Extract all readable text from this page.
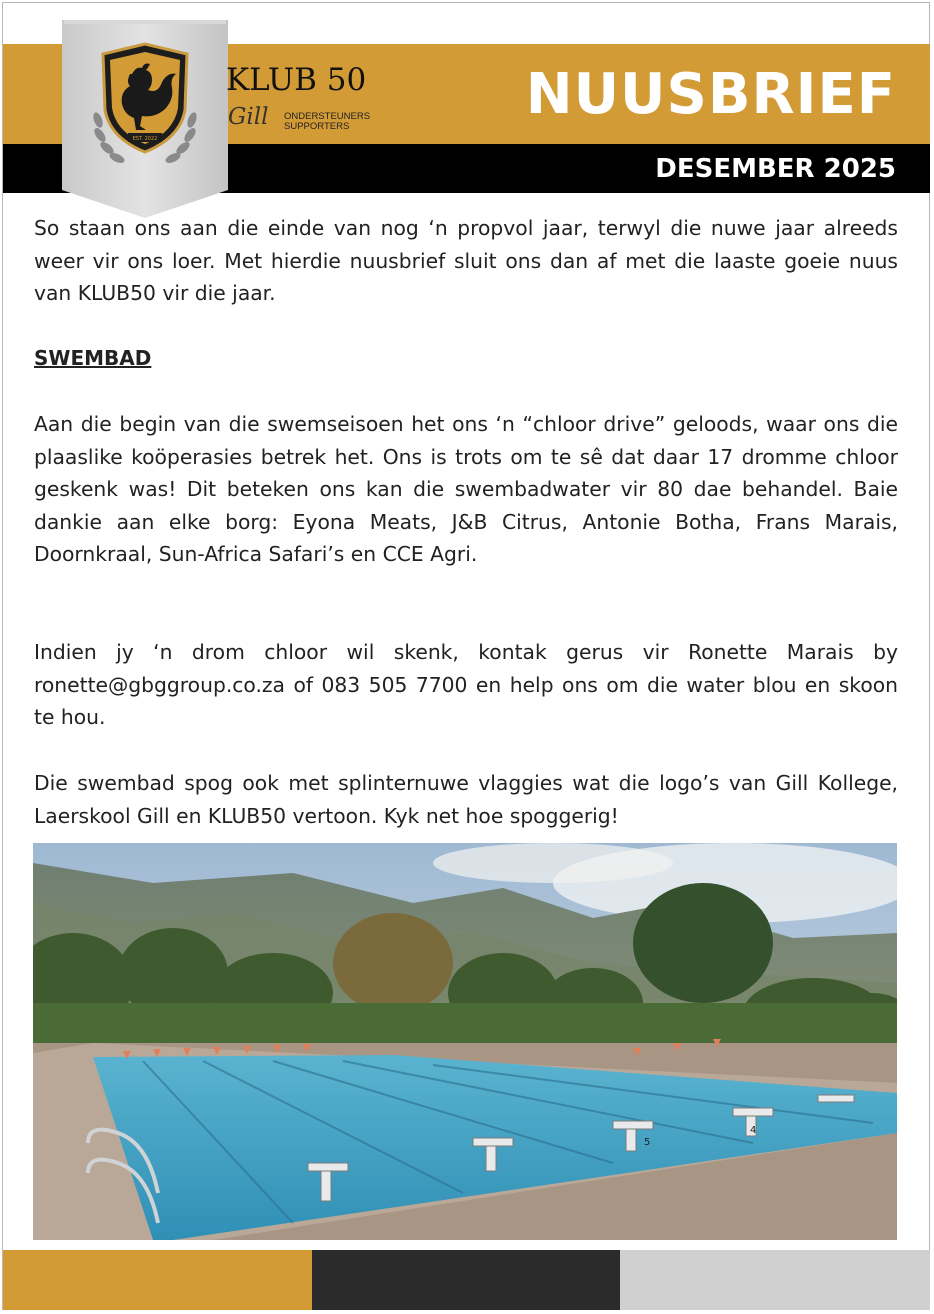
NUUSBRIEF
DESEMBER 2025
EST. 2022
KLUB 50
Gill ONDERSTEUNERS
SUPPORTERS

So staan ons aan die einde van nog ‘n propvol jaar, terwyl die nuwe jaar alreeds weer vir ons loer. Met hierdie nuusbrief sluit ons dan af met die laaste goeie nuus van KLUB50 vir die jaar.

SWEMBAD

Aan die begin van die swemseisoen het ons ‘n “chloor drive” geloods, waar ons die plaaslike koöperasies betrek het. Ons is trots om te sê dat daar 17 dromme chloor geskenk was! Dit beteken ons kan die swembadwater vir 80 dae behandel. Baie dankie aan elke borg: Eyona Meats, J&B Citrus, Antonie Botha, Frans Marais, Doornkraal, Sun-Africa Safari’s en CCE Agri.

Indien jy ‘n drom chloor wil skenk, kontak gerus vir Ronette Marais by ronette@gbggroup.co.za of 083 505 7700 en help ons om die water blou en skoon te hou.

Die swembad spog ook met splinternuwe vlaggies wat die logo’s van Gill Kollege, Laerskool Gill en KLUB50 vertoon. Kyk net hoe spoggerig!

5
4
